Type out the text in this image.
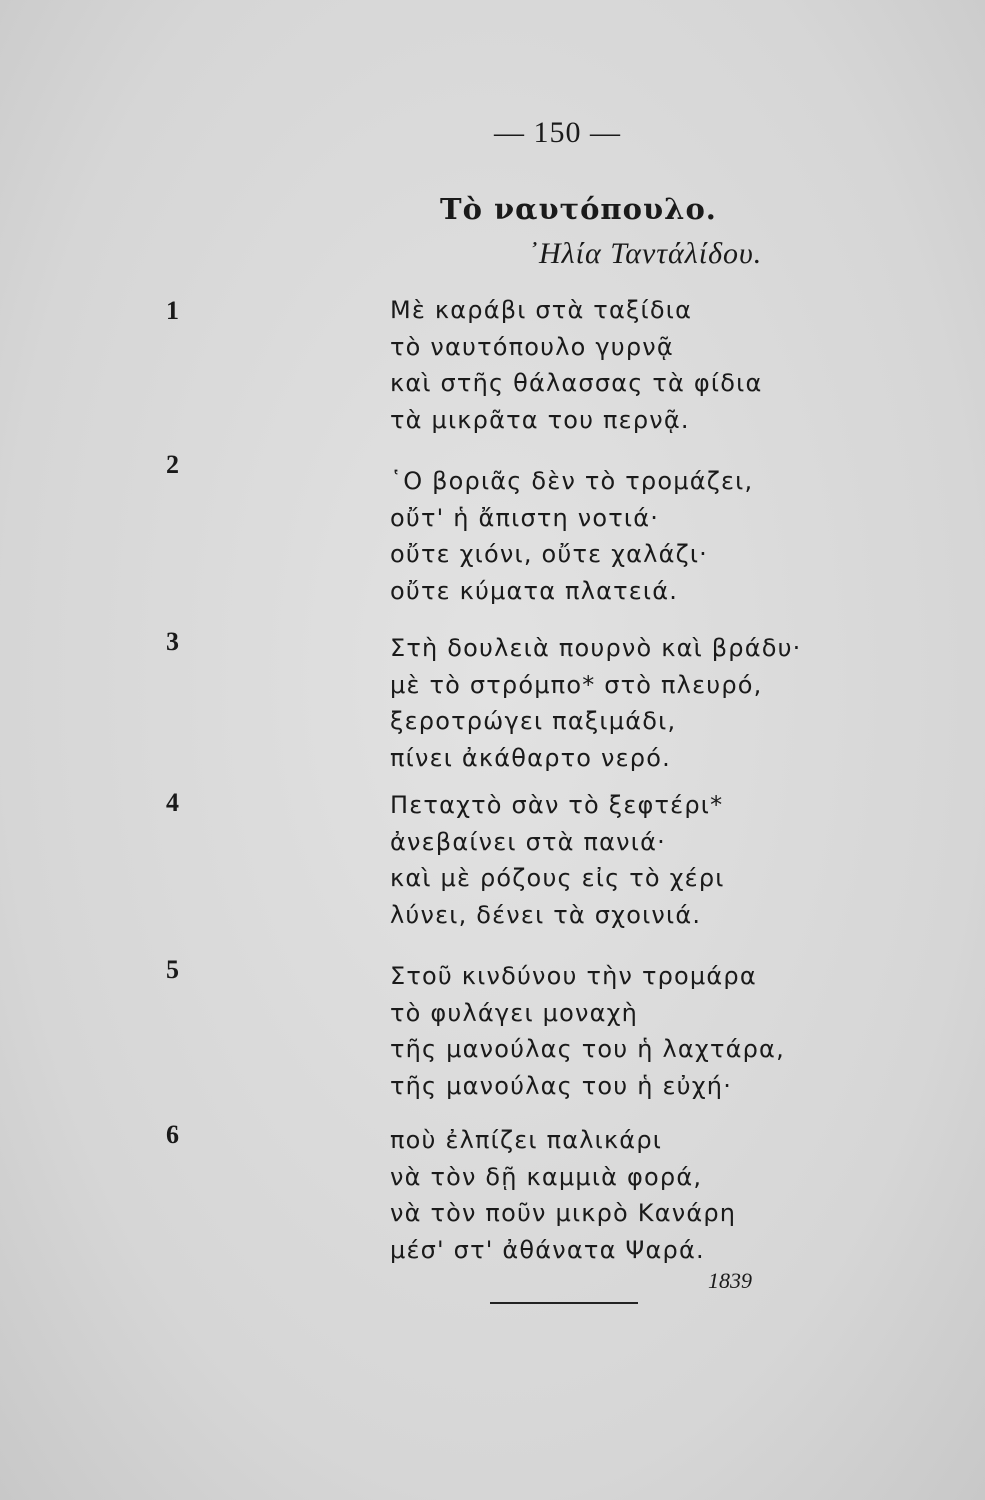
— 150 —
Τὸ ναυτόπουλο.
᾿Ηλία Ταντάλίδου.
1	Μὲ καράβι στὰ ταξίδια
τὸ ναυτόπουλο γυρνᾷ
καὶ στῆς θάλασσας τὰ φίδια
τὰ μικρᾶτα του περνᾷ.
2
῾Ο βοριᾶς δὲν τὸ τρομάζει,
οὔτ' ἡ ἄπιστη νοτιά·
οὔτε χιόνι, οὔτε χαλάζι·
οὔτε κύματα πλατειά.
3	Στὴ δουλειὰ πουρνὸ καὶ βράδυ·
μὲ τὸ στρόμπο* στὸ πλευρό,
ξεροτρώγει παξιμάδι,
πίνει ἀκάθαρτο νερό.
4	Πεταχτὸ σὰν τὸ ξεφτέρι*
ἀνεβαίνει στὰ πανιά·
καὶ μὲ ρόζους εἰς τὸ χέρι
λύνει, δένει τὰ σχοινιά.
5	Στοῦ κινδύνου τὴν τρομάρα
τὸ φυλάγει μοναχὴ
τῆς μανούλας του ἡ λαχτάρα,
τῆς μανούλας του ἡ εὐχή·
6	ποὺ ἐλπίζει παλικάρι
νὰ τὸν δῇ καμμιὰ φορά,
νὰ τὸν ποῦν μικρὸ Κανάρη
μέσ' στ' ἀθάνατα Ψαρά.
1839
